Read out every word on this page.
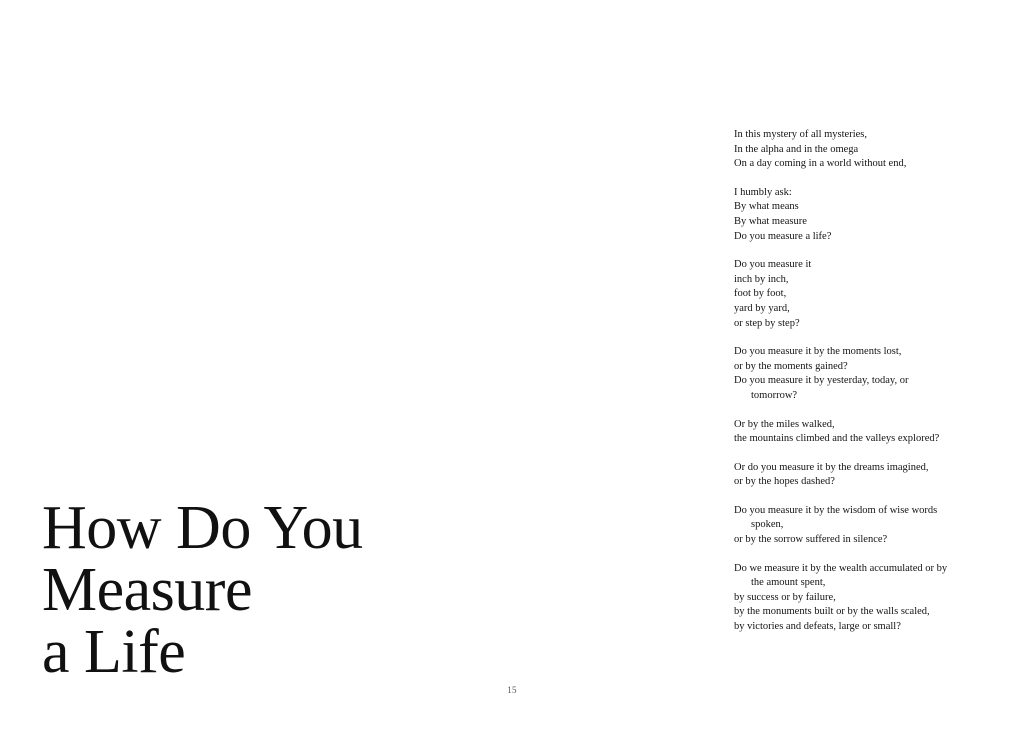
How Do You
Measure
a Life

In this mystery of all mysteries,
In the alpha and in the omega
On a day coming in a world without end,

I humbly ask:
By what means
By what measure
Do you measure a life?

Do you measure it
inch by inch,
foot by foot,
yard by yard,
or step by step?

Do you measure it by the moments lost,
or by the moments gained?
Do you measure it by yesterday, today, or
tomorrow?

Or by the miles walked,
the mountains climbed and the valleys explored?

Or do you measure it by the dreams imagined,
or by the hopes dashed?

Do you measure it by the wisdom of wise words
spoken,
or by the sorrow suffered in silence?

Do we measure it by the wealth accumulated or by
the amount spent,
by success or by failure,
by the monuments built or by the walls scaled,
by victories and defeats, large or small?

15
